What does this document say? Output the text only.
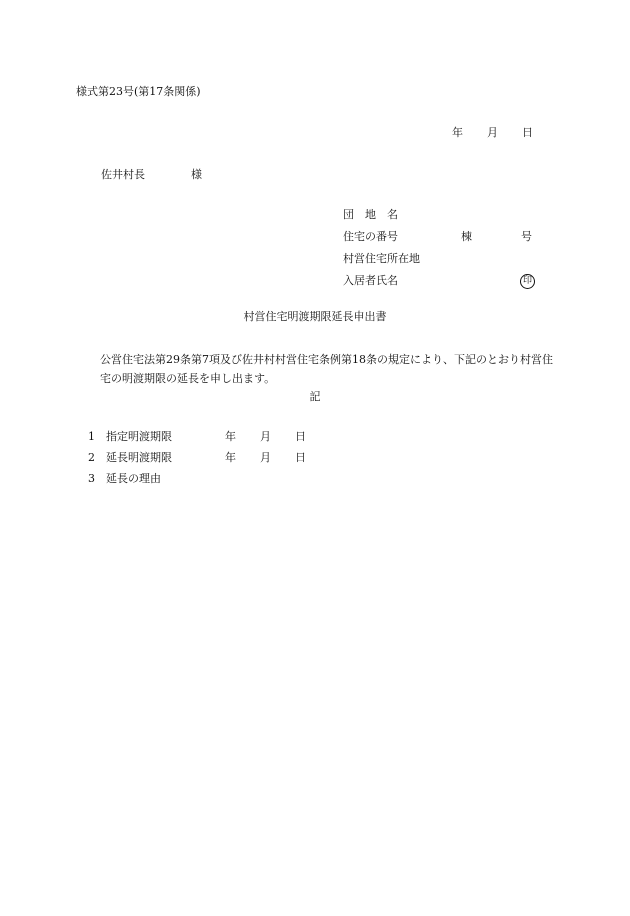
様式第23号(第17条関係)
年 月 日
佐井村長	様
団　地　名
住宅の番号	棟	号
村営住宅所在地
入居者氏名	印
村営住宅明渡期限延長申出書
公営住宅法第29条第7項及び佐井村村営住宅条例第18条の規定により、下記のとおり村営住宅の明渡期限の延長を申し出ます。
記
1 指定明渡期限	年 月 日
2 延長明渡期限	年 月 日
3 延長の理由
